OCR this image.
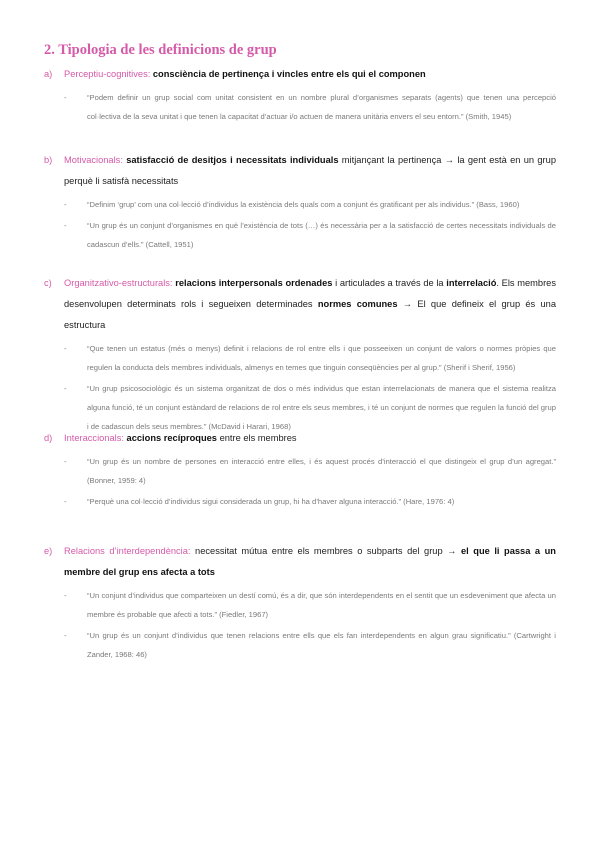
2. Tipologia de les definicions de grup
a)	Perceptiu-cognitives: consciència de pertinença i vincles entre els qui el componen
-	“Podem definir un grup social com unitat consistent en un nombre plural d’organismes separats (agents) que tenen una percepció col·lectiva de la seva unitat i que tenen la capacitat d’actuar i/o actuen de manera unitària envers el seu entorn.” (Smith, 1945)
b)	Motivacionals: satisfacció de desitjos i necessitats individuals mitjançant la pertinença → la gent està en un grup perquè li satisfà necessitats
-	“Definim ‘grup’ com una col·lecció d’individus la existència dels quals com a conjunt és gratificant per als individus.” (Bass, 1960)
-	“Un grup és un conjunt d’organismes en què l’existència de tots (…) és necessària per a la satisfacció de certes necessitats individuals de cadascun d’ells.” (Cattell, 1951)
c)	Organitzativo-estructurals: relacions interpersonals ordenades i articulades a través de la interrelació. Els membres desenvolupen determinats rols i segueixen determinades normes comunes → El que defineix el grup és una estructura
-	“Que tenen un estatus (més o menys) definit i relacions de rol entre ells i que posseeixen un conjunt de valors o normes pròpies que regulen la conducta dels membres individuals, almenys en temes que tinguin conseqüències per al grup.” (Sherif i Sherif, 1956)
-	“Un grup psicosociològic és un sistema organitzat de dos o més individus que estan interrelacionats de manera que el sistema realitza alguna funció, té un conjunt estàndard de relacions de rol entre els seus membres, i té un conjunt de normes que regulen la funció del grup i de cadascun dels seus membres.” (McDavid i Harari, 1968)
d)	Interaccionals: accions recíproques entre els membres
-	“Un grup és un nombre de persones en interacció entre elles, i és aquest procés d’interacció el que distingeix el grup d’un agregat.” (Bonner, 1959: 4)
-	“Perquè una col·lecció d’individus sigui considerada un grup, hi ha d’haver alguna interacció.” (Hare, 1976: 4)
e)	Relacions d’interdependència: necessitat mútua entre els membres o subparts del grup → el que li passa a un membre del grup ens afecta a tots
-	“Un conjunt d’individus que comparteixen un destí comú, és a dir, que són interdependents en el sentit que un esdeveniment que afecta un membre és probable que afecti a tots.” (Fiedler, 1967)
-	“Un grup és un conjunt d’individus que tenen relacions entre ells que els fan interdependents en algun grau significatiu.” (Cartwright i Zander, 1968: 46)
